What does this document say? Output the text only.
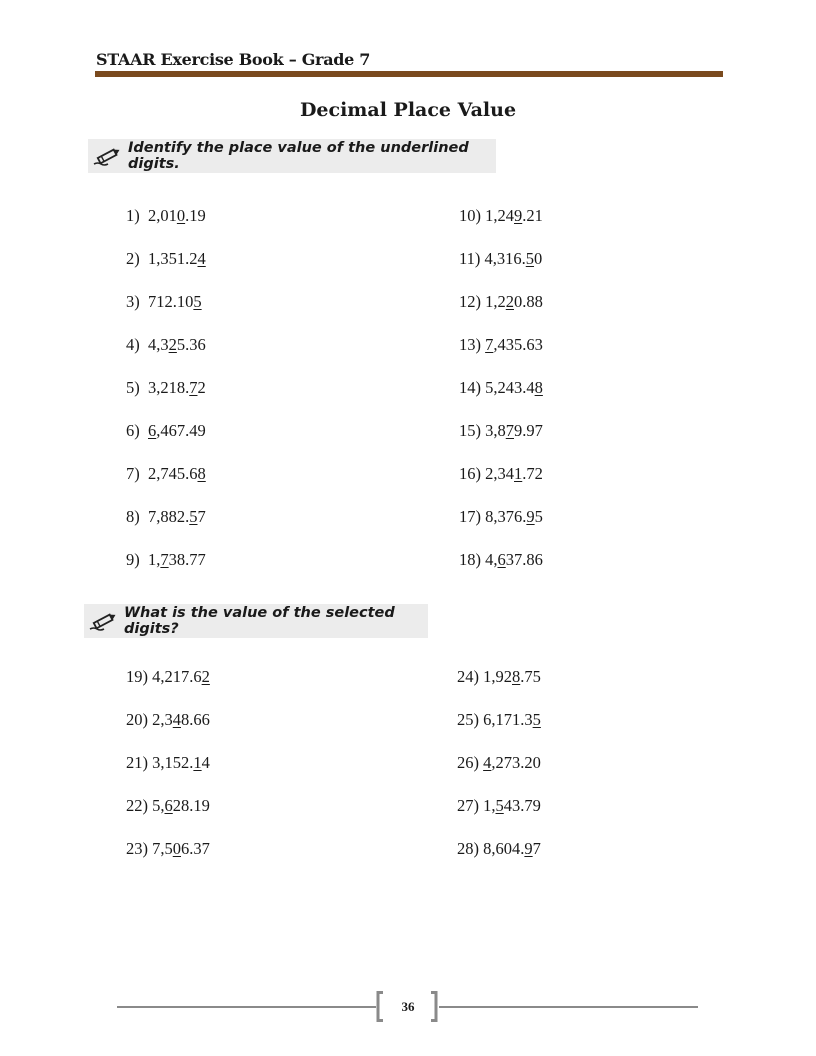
STAAR Exercise Book – Grade 7
Decimal Place Value
Identify the place value of the underlined digits.
What is the value of the selected digits?
1)  2,010.19
2)  1,351.24
3)  712.105
4)  4,325.36
5)  3,218.72
6)  6,467.49
7)  2,745.68
8)  7,882.57
9)  1,738.77
10) 1,249.21
11) 4,316.50
12) 1,220.88
13) 7,435.63
14) 5,243.48
15) 3,879.97
16) 2,341.72
17) 8,376.95
18) 4,637.86
19) 4,217.62
20) 2,348.66
21) 3,152.14
22) 5,628.19
23) 7,506.37
24) 1,928.75
25) 6,171.35
26) 4,273.20
27) 1,543.79
28) 8,604.97
36
